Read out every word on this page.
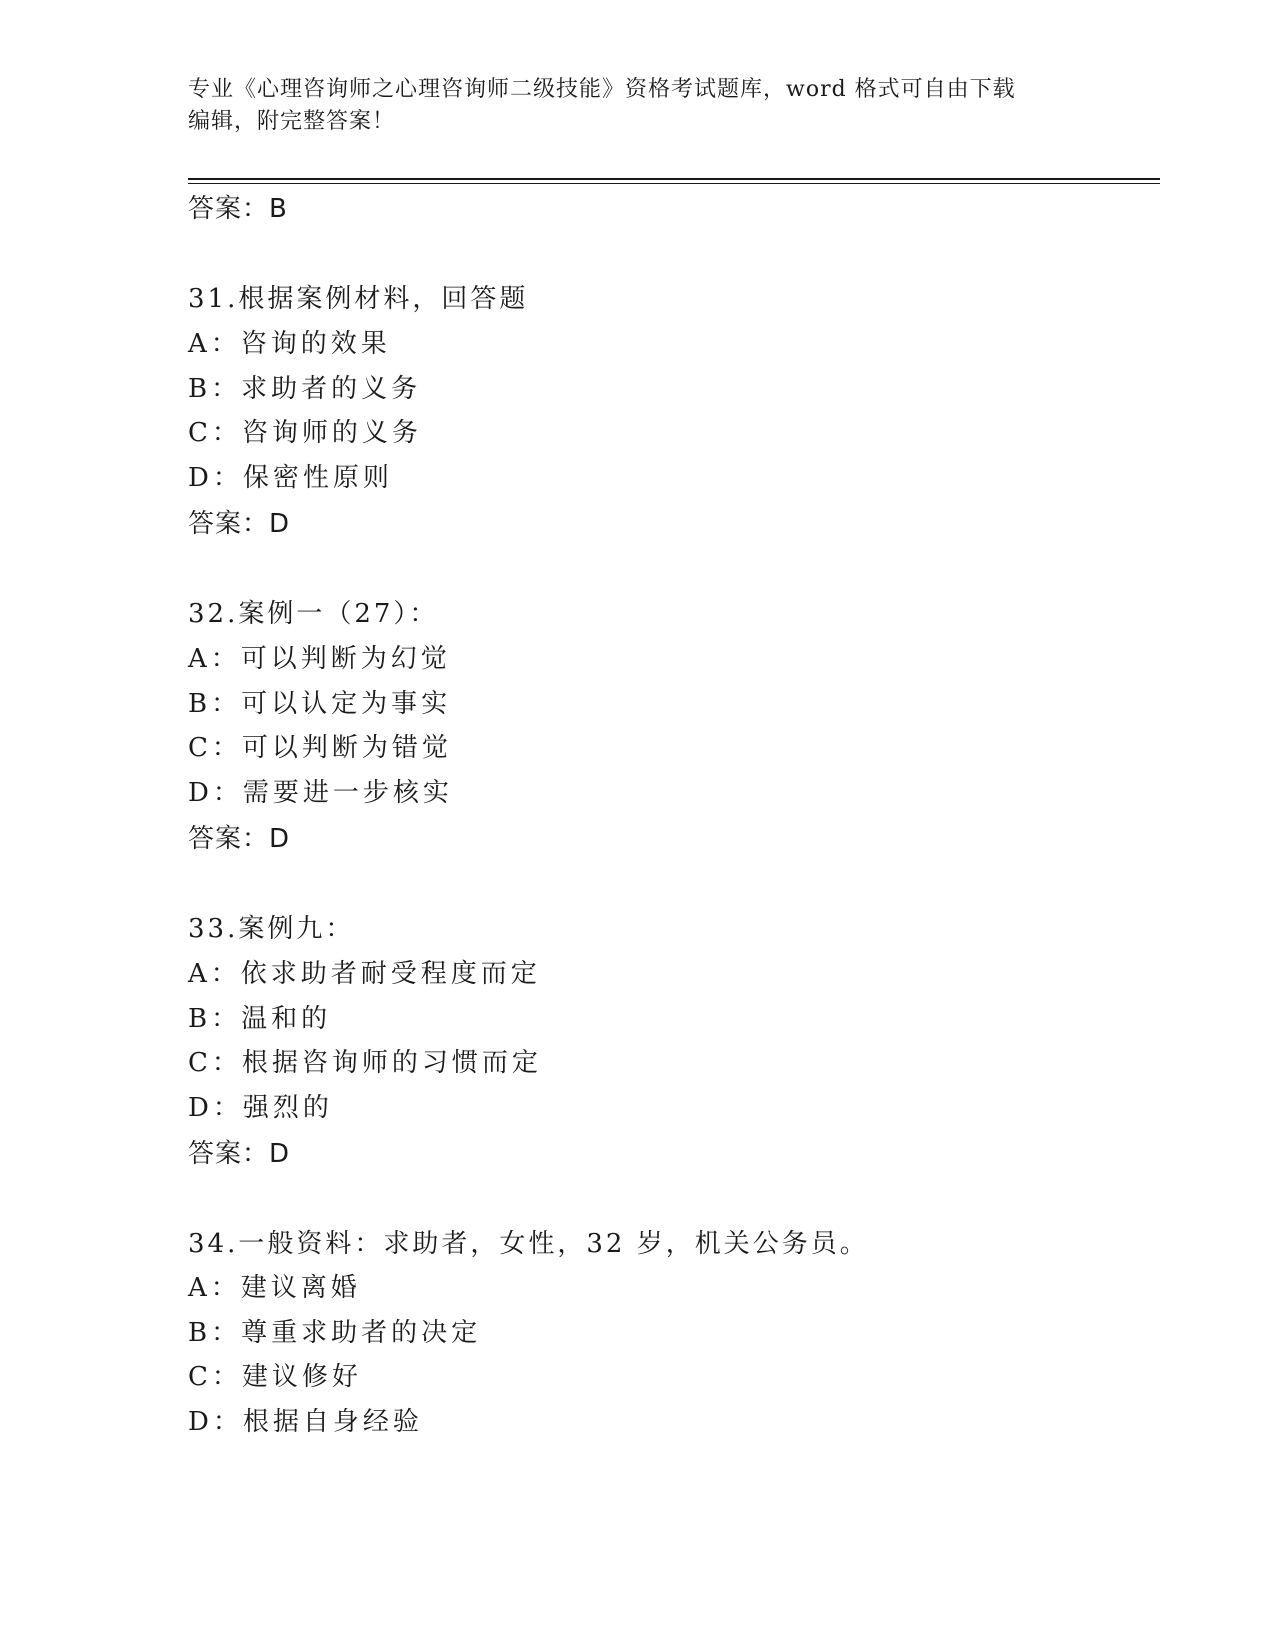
专业《心理咨询师之心理咨询师二级技能》资格考试题库，word 格式可自由下载
编辑，附完整答案！
答案：B
31.根据案例材料，回答题
A：咨询的效果
B：求助者的义务
C：咨询师的义务
D：保密性原则
答案：D
32.案例一（27）：
A：可以判断为幻觉
B：可以认定为事实
C：可以判断为错觉
D：需要进一步核实
答案：D
33.案例九：
A：依求助者耐受程度而定
B：温和的
C：根据咨询师的习惯而定
D：强烈的
答案：D
34.一般资料：求助者，女性，32 岁，机关公务员。
A：建议离婚
B：尊重求助者的决定
C：建议修好
D：根据自身经验
